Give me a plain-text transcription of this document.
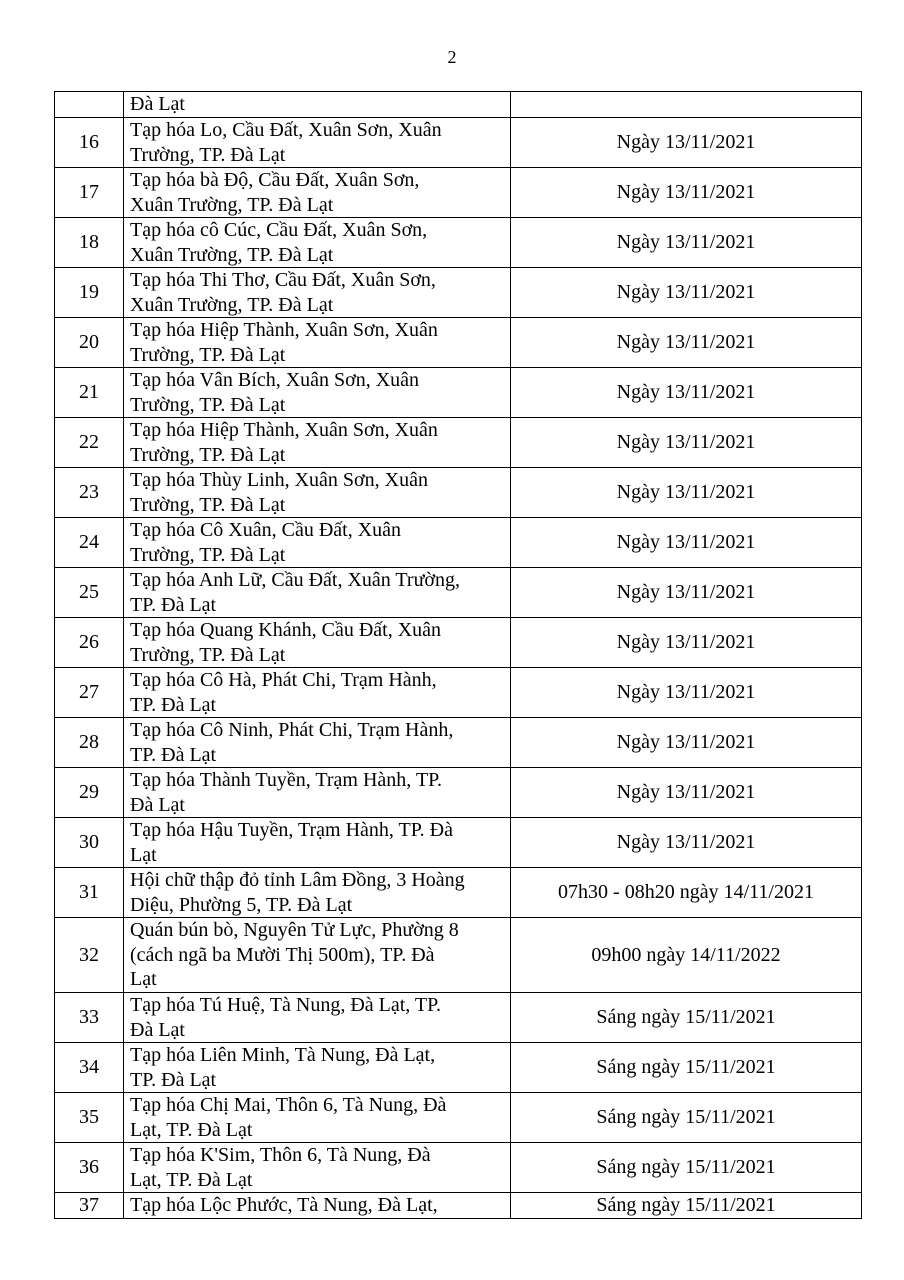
2
	Đà Lạt	
16	Tạp hóa Lo, Cầu Đất, Xuân Sơn, Xuân
Trường, TP. Đà Lạt	Ngày 13/11/2021
17	Tạp hóa bà Độ, Cầu Đất, Xuân Sơn,
Xuân Trường, TP. Đà Lạt	Ngày 13/11/2021
18	Tạp hóa cô Cúc, Cầu Đất, Xuân Sơn,
Xuân Trường, TP. Đà Lạt	Ngày 13/11/2021
19	Tạp hóa Thi Thơ, Cầu Đất, Xuân Sơn,
Xuân Trường, TP. Đà Lạt	Ngày 13/11/2021
20	Tạp hóa Hiệp Thành, Xuân Sơn, Xuân
Trường, TP. Đà Lạt	Ngày 13/11/2021
21	Tạp hóa Vân Bích, Xuân Sơn, Xuân
Trường, TP. Đà Lạt	Ngày 13/11/2021
22	Tạp hóa Hiệp Thành, Xuân Sơn, Xuân
Trường, TP. Đà Lạt	Ngày 13/11/2021
23	Tạp hóa Thùy Linh, Xuân Sơn, Xuân
Trường, TP. Đà Lạt	Ngày 13/11/2021
24	Tạp hóa Cô Xuân, Cầu Đất, Xuân
Trường, TP. Đà Lạt	Ngày 13/11/2021
25	Tạp hóa Anh Lữ, Cầu Đất, Xuân Trường,
TP. Đà Lạt	Ngày 13/11/2021
26	Tạp hóa Quang Khánh, Cầu Đất, Xuân
Trường, TP. Đà Lạt	Ngày 13/11/2021
27	Tạp hóa Cô Hà, Phát Chi, Trạm Hành,
TP. Đà Lạt	Ngày 13/11/2021
28	Tạp hóa Cô Ninh, Phát Chi, Trạm Hành,
TP. Đà Lạt	Ngày 13/11/2021
29	Tạp hóa Thành Tuyền, Trạm Hành, TP.
Đà Lạt	Ngày 13/11/2021
30	Tạp hóa Hậu Tuyền, Trạm Hành, TP. Đà
Lạt	Ngày 13/11/2021
31	Hội chữ thập đỏ tỉnh Lâm Đồng, 3 Hoàng
Diệu, Phường 5, TP. Đà Lạt	07h30 - 08h20 ngày 14/11/2021
32	Quán bún bò, Nguyên Tử Lực, Phường 8
(cách ngã ba Mười Thị 500m), TP. Đà
Lạt	09h00 ngày 14/11/2022
33	Tạp hóa Tú Huệ, Tà Nung, Đà Lạt, TP.
Đà Lạt	Sáng ngày 15/11/2021
34	Tạp hóa Liên Minh, Tà Nung, Đà Lạt,
TP. Đà Lạt	Sáng ngày 15/11/2021
35	Tạp hóa Chị Mai, Thôn 6, Tà Nung, Đà
Lạt, TP. Đà Lạt	Sáng ngày 15/11/2021
36	Tạp hóa K'Sim, Thôn 6, Tà Nung, Đà
Lạt, TP. Đà Lạt	Sáng ngày 15/11/2021
37	Tạp hóa Lộc Phước, Tà Nung, Đà Lạt,	Sáng ngày 15/11/2021
